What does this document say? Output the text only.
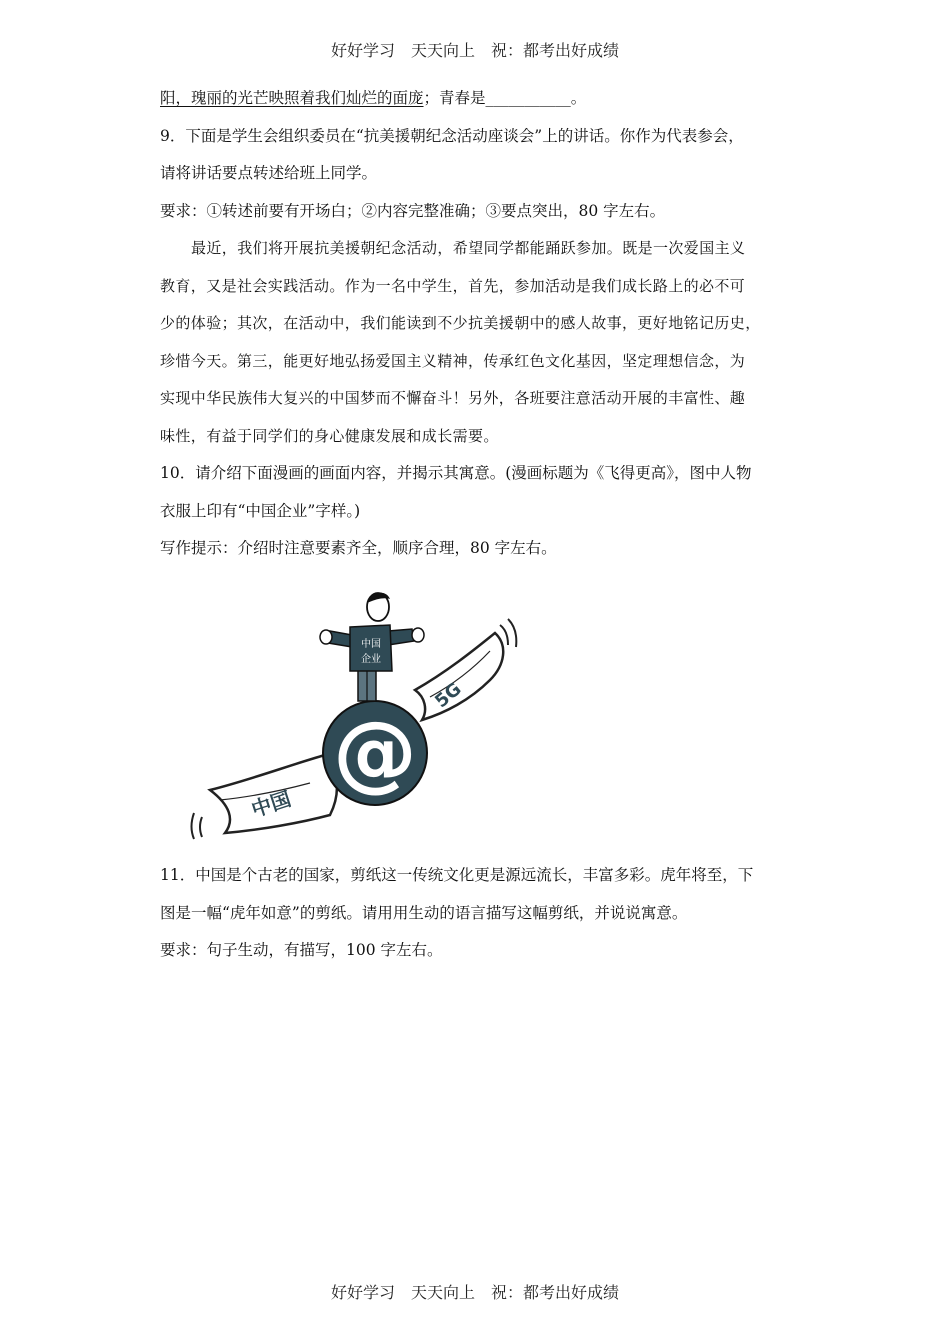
好好学习　天天向上　祝：都考出好成绩
阳，瑰丽的光芒映照着我们灿烂的面庞；青春是___________。
9．下面是学生会组织委员在“抗美援朝纪念活动座谈会”上的讲话。你作为代表参会，
请将讲话要点转述给班上同学。
要求：①转述前要有开场白；②内容完整准确；③要点突出，80 字左右。
最近，我们将开展抗美援朝纪念活动，希望同学都能踊跃参加。既是一次爱国主义
教育，又是社会实践活动。作为一名中学生，首先，参加活动是我们成长路上的必不可
少的体验；其次，在活动中，我们能读到不少抗美援朝中的感人故事，更好地铭记历史，
珍惜今天。第三，能更好地弘扬爱国主义精神，传承红色文化基因，坚定理想信念，为
实现中华民族伟大复兴的中国梦而不懈奋斗！另外，各班要注意活动开展的丰富性、趣
味性，有益于同学们的身心健康发展和成长需要。
10．请介绍下面漫画的画面内容，并揭示其寓意。(漫画标题为《飞得更高》，图中人物
衣服上印有“中国企业”字样。)
写作提示：介绍时注意要素齐全，顺序合理，80 字左右。
@
中国
5G
中国
企业
11．中国是个古老的国家，剪纸这一传统文化更是源远流长，丰富多彩。虎年将至，下
图是一幅“虎年如意”的剪纸。请用用生动的语言描写这幅剪纸，并说说寓意。
要求：句子生动，有描写，100 字左右。
好好学习　天天向上　祝：都考出好成绩
